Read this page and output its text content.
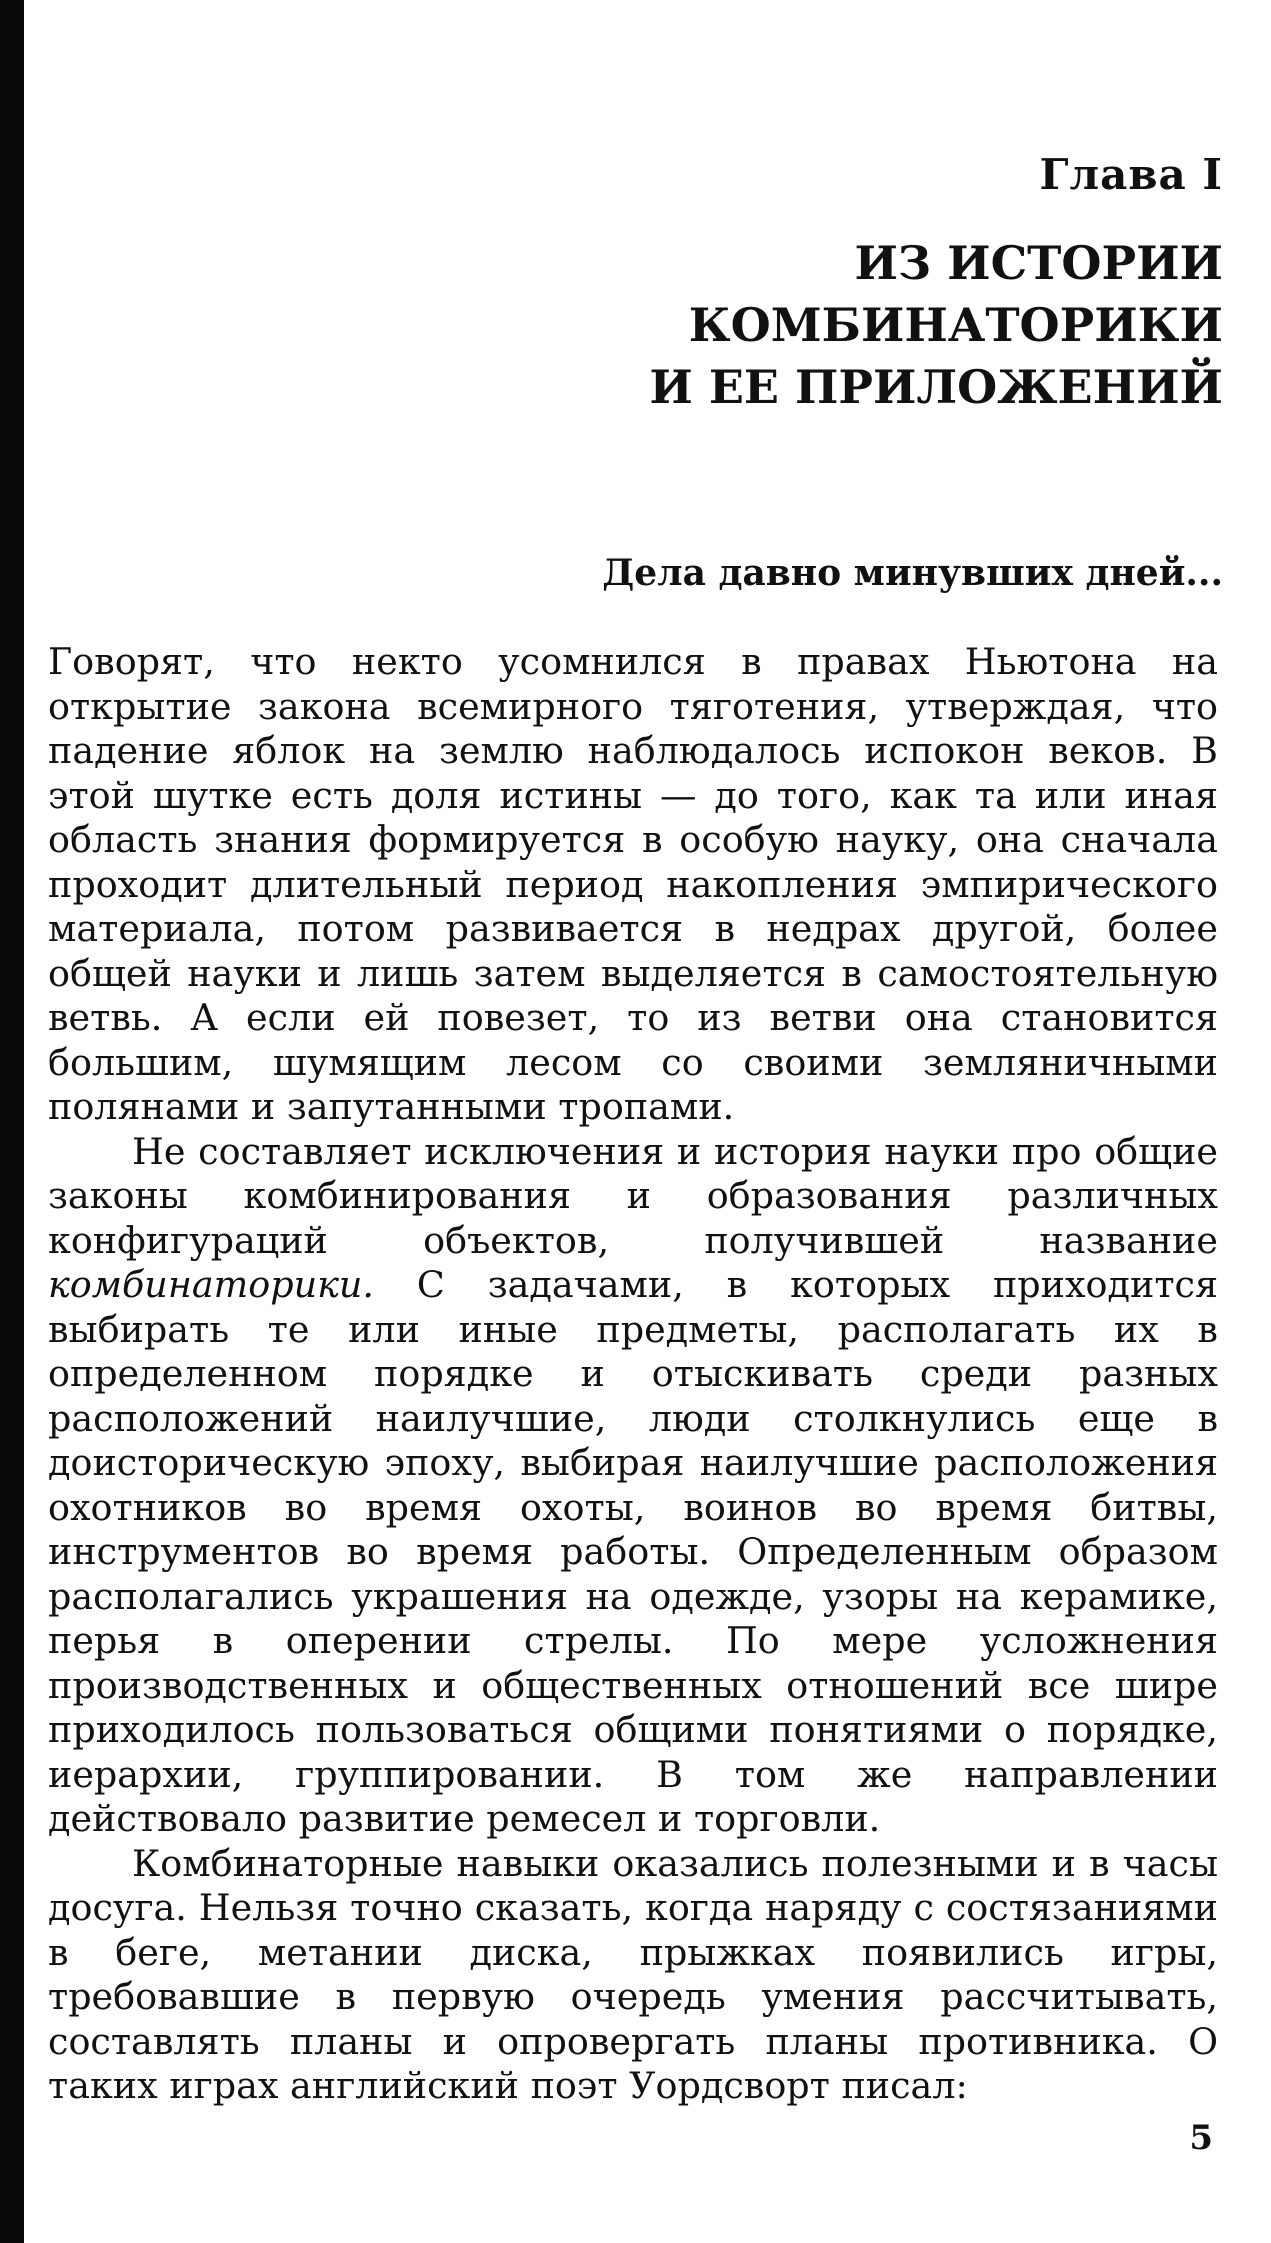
Глава I
ИЗ ИСТОРИИ КОМБИНАТОРИКИ
И ЕЕ ПРИЛОЖЕНИЙ
Дела давно минувших дней...

Говорят, что некто усомнился в правах Ньютона на открытие закона всемирного тяготения, утверждая, что падение яблок на землю наблюдалось испокон веков. В этой шутке есть доля истины — до того, как та или иная область знания формируется в особую науку, она сначала проходит длительный период накопления эмпирического материала, потом развивается в недрах другой, более общей науки и лишь затем выделяется в самостоятельную ветвь. А если ей повезет, то из ветви она становится большим, шумящим лесом со своими земляничными полянами и запутанными тропами.

Не составляет исключения и история науки про общие законы комбинирования и образования различных конфигураций объектов, получившей название комбинаторики. С задачами, в которых приходится выбирать те или иные предметы, располагать их в определенном порядке и отыскивать среди разных расположений наилучшие, люди столкнулись еще в доисторическую эпоху, выбирая наилучшие расположения охотников во время охоты, воинов во время битвы, инструментов во время работы. Определенным образом располагались украшения на одежде, узоры на керамике, перья в оперении стрелы. По мере усложнения производственных и общественных отношений все шире приходилось пользоваться общими понятиями о порядке, иерархии, группировании. В том же направлении действовало развитие ремесел и торговли.

Комбинаторные навыки оказались полезными и в часы досуга. Нельзя точно сказать, когда наряду с состязаниями в беге, метании диска, прыжках появились игры, требовавшие в первую очередь умения рассчитывать, составлять планы и опровергать планы противника. О таких играх английский поэт Уордсворт писал:

5
